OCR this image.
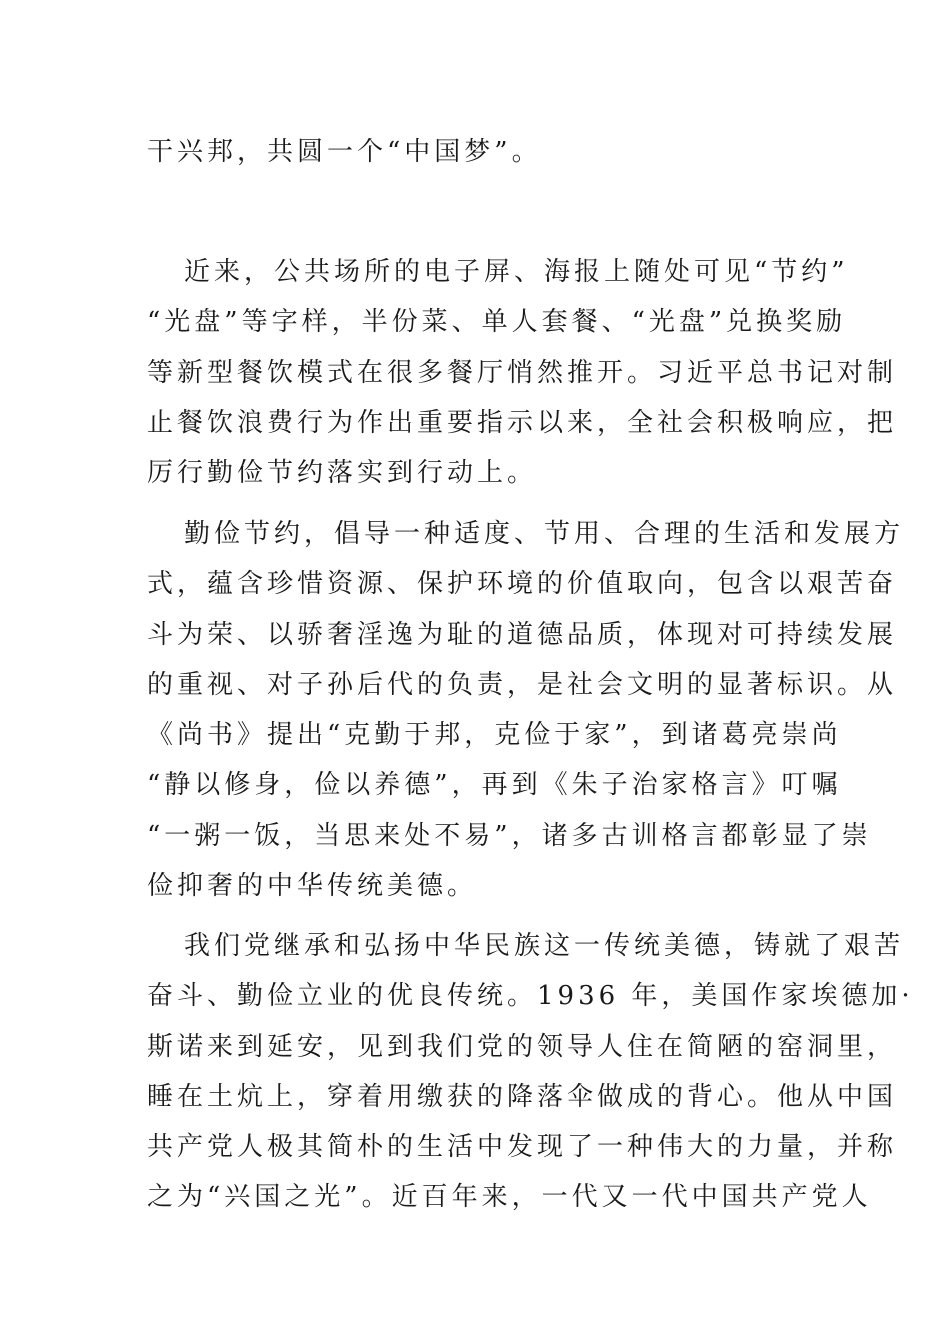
干兴邦，共圆一个“中国梦”。
近来，公共场所的电子屏、海报上随处可见“节约”
“光盘”等字样，半份菜、单人套餐、“光盘”兑换奖励
等新型餐饮模式在很多餐厅悄然推开。习近平总书记对制
止餐饮浪费行为作出重要指示以来，全社会积极响应，把
厉行勤俭节约落实到行动上。
勤俭节约，倡导一种适度、节用、合理的生活和发展方
式，蕴含珍惜资源、保护环境的价值取向，包含以艰苦奋
斗为荣、以骄奢淫逸为耻的道德品质，体现对可持续发展
的重视、对子孙后代的负责，是社会文明的显著标识。从
《尚书》提出“克勤于邦，克俭于家”，到诸葛亮崇尚
“静以修身，俭以养德”，再到《朱子治家格言》叮嘱
“一粥一饭，当思来处不易”，诸多古训格言都彰显了崇
俭抑奢的中华传统美德。
我们党继承和弘扬中华民族这一传统美德，铸就了艰苦
奋斗、勤俭立业的优良传统。1936 年，美国作家埃德加·
斯诺来到延安，见到我们党的领导人住在简陋的窑洞里，
睡在土炕上，穿着用缴获的降落伞做成的背心。他从中国
共产党人极其简朴的生活中发现了一种伟大的力量，并称
之为“兴国之光”。近百年来，一代又一代中国共产党人
